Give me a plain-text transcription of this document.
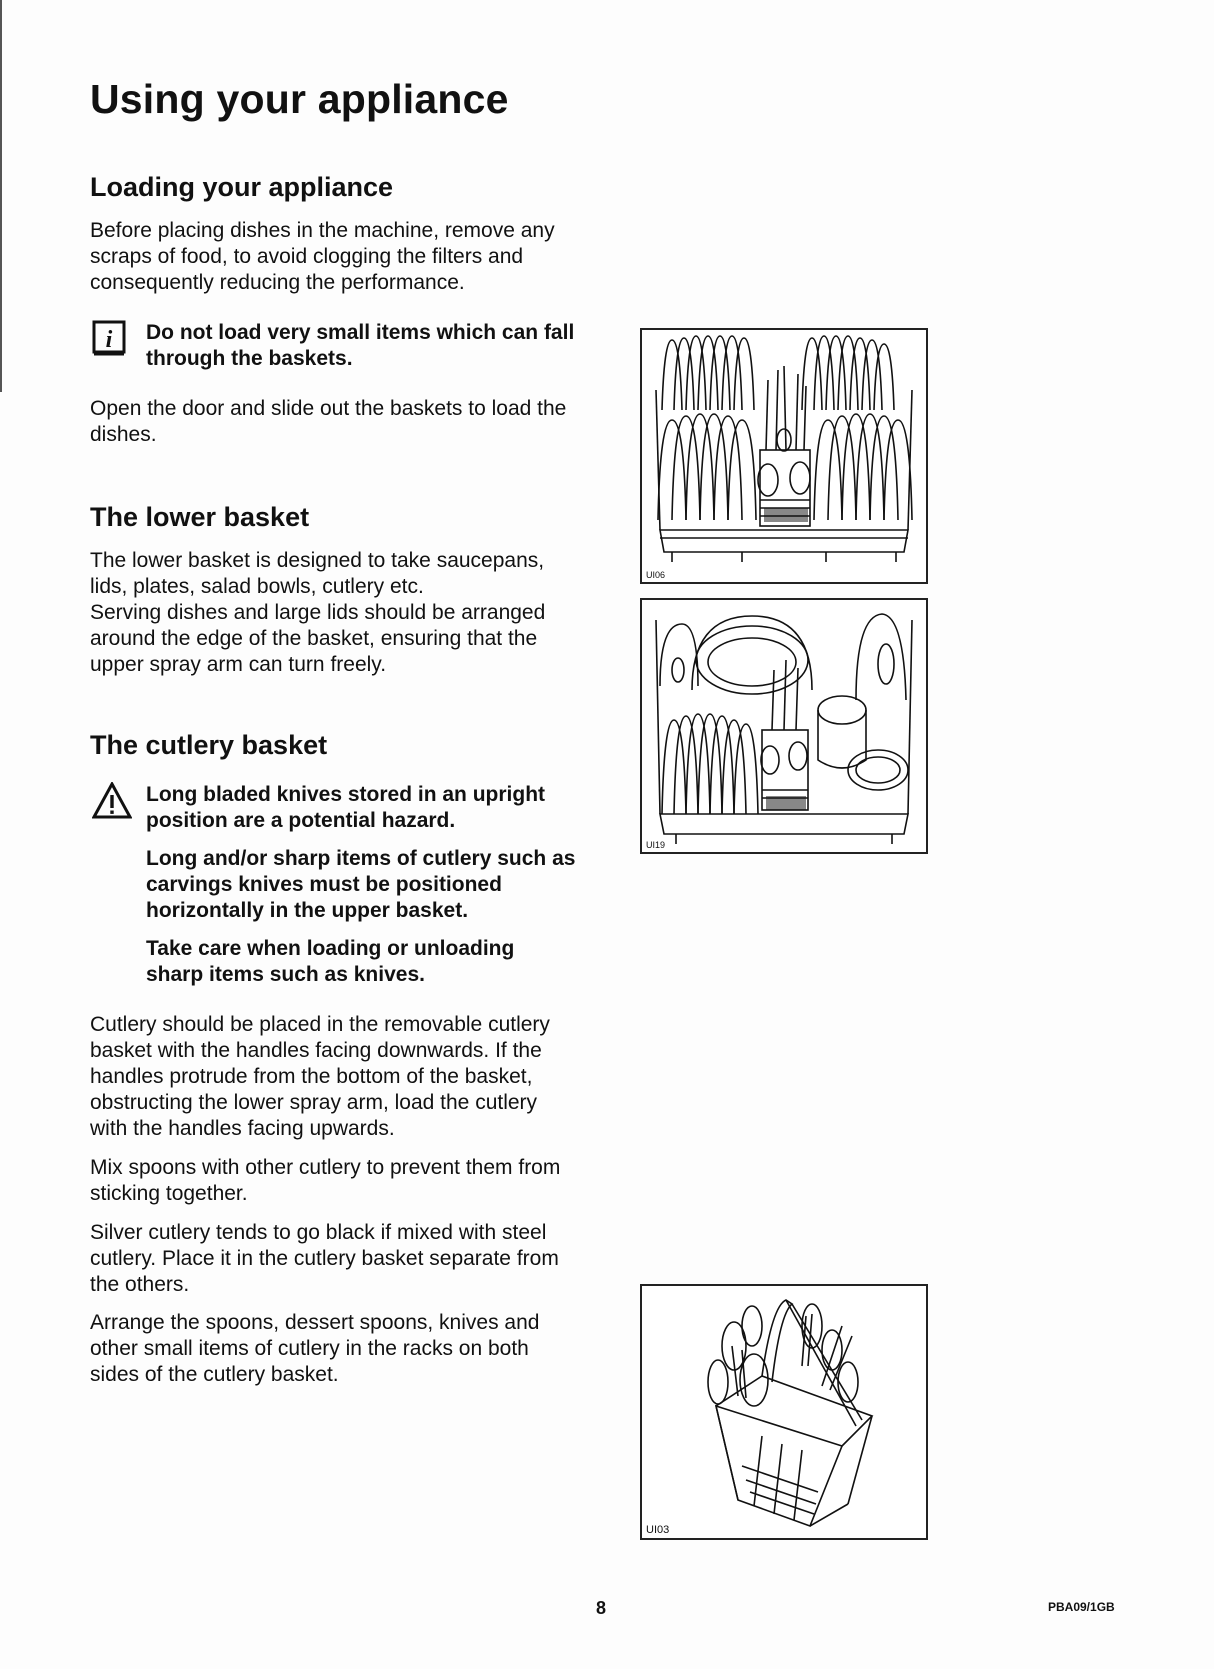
Using your appliance
Loading your appliance

Before placing dishes in the machine, remove any scraps of food, to avoid clogging the filters and consequently reducing the performance.

i Do not load very small items which can fall through the baskets.

Open the door and slide out the baskets to load the dishes.

The lower basket

The lower basket is designed to take saucepans, lids, plates, salad bowls, cutlery etc.

Serving dishes and large lids should be arranged around the edge of the basket, ensuring that the upper spray arm can turn freely.

The cutlery basket

Long bladed knives stored in an upright position are a potential hazard.

Long and/or sharp items of cutlery such as carvings knives must be positioned horizontally in the upper basket.

Take care when loading or unloading sharp items such as knives.

Cutlery should be placed in the removable cutlery basket with the handles facing downwards. If the handles protrude from the bottom of the basket, obstructing the lower spray arm, load the cutlery with the handles facing upwards.

Mix spoons with other cutlery to prevent them from sticking together.

Silver cutlery tends to go black if mixed with steel cutlery. Place it in the cutlery basket separate from the others.

Arrange the spoons, dessert spoons, knives and other small items of cutlery in the racks on both sides of the cutlery basket.

UI06
UI19
UI03
8	PBA09/1GB
